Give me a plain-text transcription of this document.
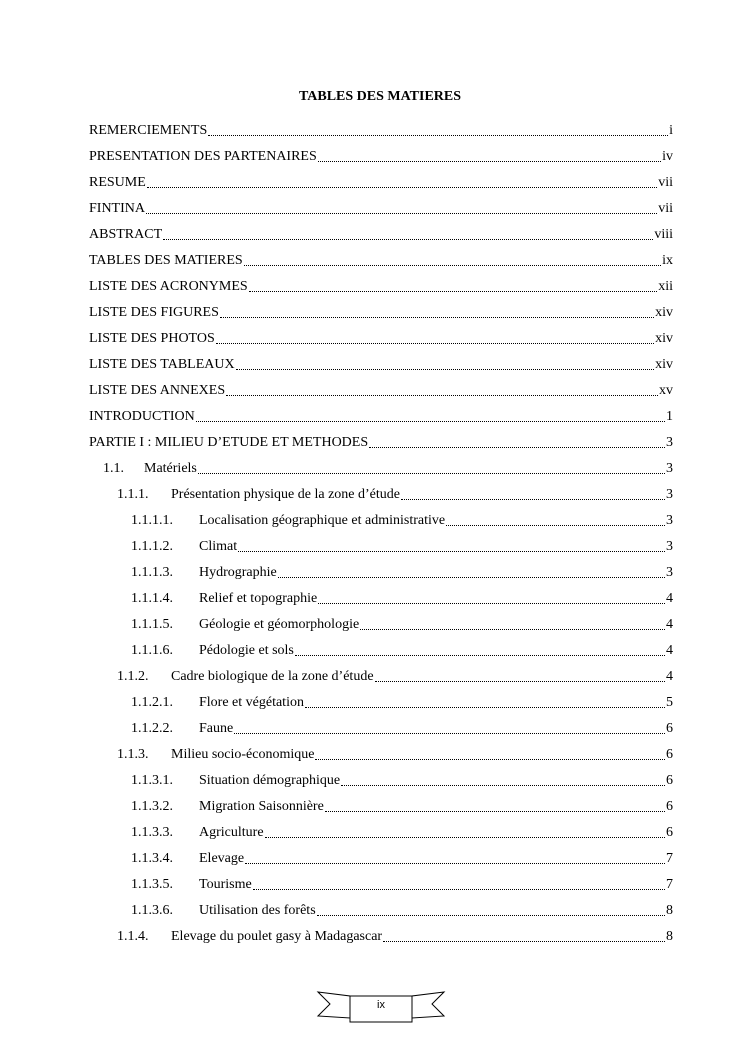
TABLES DES MATIERES
REMERCIEMENTS	i
PRESENTATION DES PARTENAIRES	iv
RESUME	vii
FINTINA	vii
ABSTRACT	viii
TABLES DES MATIERES	ix
LISTE DES ACRONYMES	xii
LISTE DES FIGURES	xiv
LISTE DES PHOTOS	xiv
LISTE DES TABLEAUX	xiv
LISTE DES ANNEXES	xv
INTRODUCTION	1
PARTIE I : MILIEU D’ETUDE ET METHODES	3
1.1.	Matériels	3
1.1.1.	Présentation physique de la zone d’étude	3
1.1.1.1.	Localisation géographique et administrative	3
1.1.1.2.	Climat	3
1.1.1.3.	Hydrographie	3
1.1.1.4.	Relief et topographie	4
1.1.1.5.	Géologie et géomorphologie	4
1.1.1.6.	Pédologie et sols	4
1.1.2.	Cadre biologique de la zone d’étude	4
1.1.2.1.	Flore et végétation	5
1.1.2.2.	Faune	6
1.1.3.	Milieu socio-économique	6
1.1.3.1.	Situation démographique	6
1.1.3.2.	Migration Saisonnière	6
1.1.3.3.	Agriculture	6
1.1.3.4.	Elevage	7
1.1.3.5.	Tourisme	7
1.1.3.6.	Utilisation des forêts	8
1.1.4.	Elevage du poulet gasy à Madagascar	8
ix
